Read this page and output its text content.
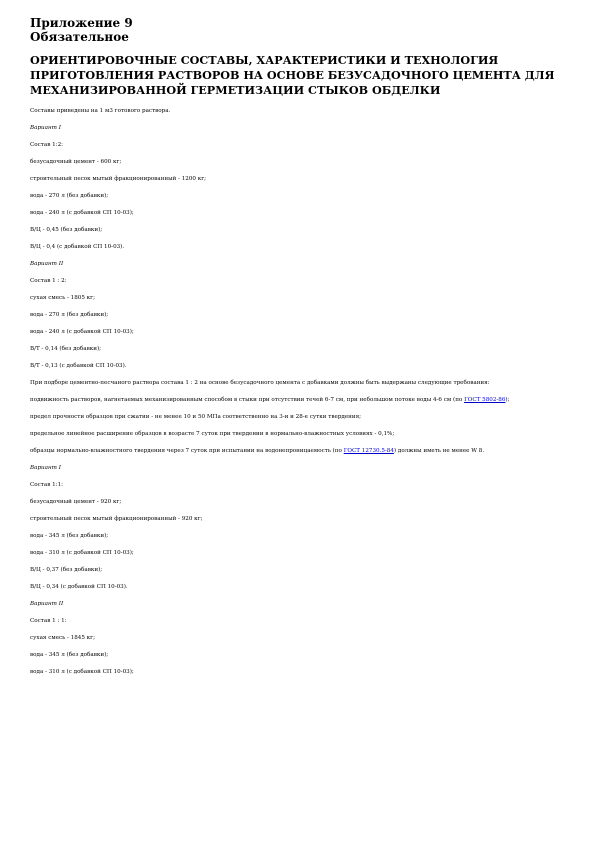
Приложение 9
Обязательное
ОРИЕНТИРОВОЧНЫЕ СОСТАВЫ, ХАРАКТЕРИСТИКИ И ТЕХНОЛОГИЯ ПРИГОТОВЛЕНИЯ РАСТВОРОВ НА ОСНОВЕ БЕЗУСАДОЧНОГО ЦЕМЕНТА ДЛЯ МЕХАНИЗИРОВАННОЙ ГЕРМЕТИЗАЦИИ СТЫКОВ ОБДЕЛКИ

Составы приведены на 1 м3 готового раствора.

Вариант I

Состав 1:2:

безусадочный цемент - 600 кг;

строительный песок мытый фракционированный - 1200 кг;

вода - 270 л (без добавки);

вода - 240 л (с добавкой СП 10-03);

В/Ц - 0,45 (без добавки);

В/Ц - 0,4 (с добавкой СП 10-03).

Вариант II

Состав 1 : 2:

сухая смесь - 1805 кг;

вода - 270 л (без добавки);

вода - 240 л (с добавкой СП 10-03);

В/Т - 0,14 (без добавки);

В/Т - 0,13 (с добавкой СП 10-03).

При подборе цементно-песчаного раствора состава 1 : 2 на основе безусадочного цемента с добавками должны быть выдержаны следующие требования:

подвижность растворов, нагнетаемых механизированным способом в стыки при отсутствии течей 6-7 см, при небольшом потоке воды 4-6 см (по ГОСТ 5802-86);

предел прочности образцов при сжатии - не менее 10 и 50 МПа соответственно на 3-и и 28-е сутки твердения;

предельное линейное расширение образцов в возрасте 7 суток при твердении в нормально-влажностных условиях - 0,1%;

образцы нормально-влажностного твердения через 7 суток при испытании на водонепроницаемость (по ГОСТ 12730.5-84) должны иметь не менее W 8.

Вариант I

Состав 1:1:

безусадочный цемент - 920 кг;

строительный песок мытый фракционированный - 920 кг;

вода - 345 л (без добавки);

вода - 310 л (с добавкой СП 10-03);

В/Ц - 0,37 (без добавки);

В/Ц - 0,34 (с добавкой СП 10-03).

Вариант II

Состав 1 : 1:

сухая смесь - 1845 кг;

вода - 345 л (без добавки);

вода - 310 л (с добавкой СП 10-03);
